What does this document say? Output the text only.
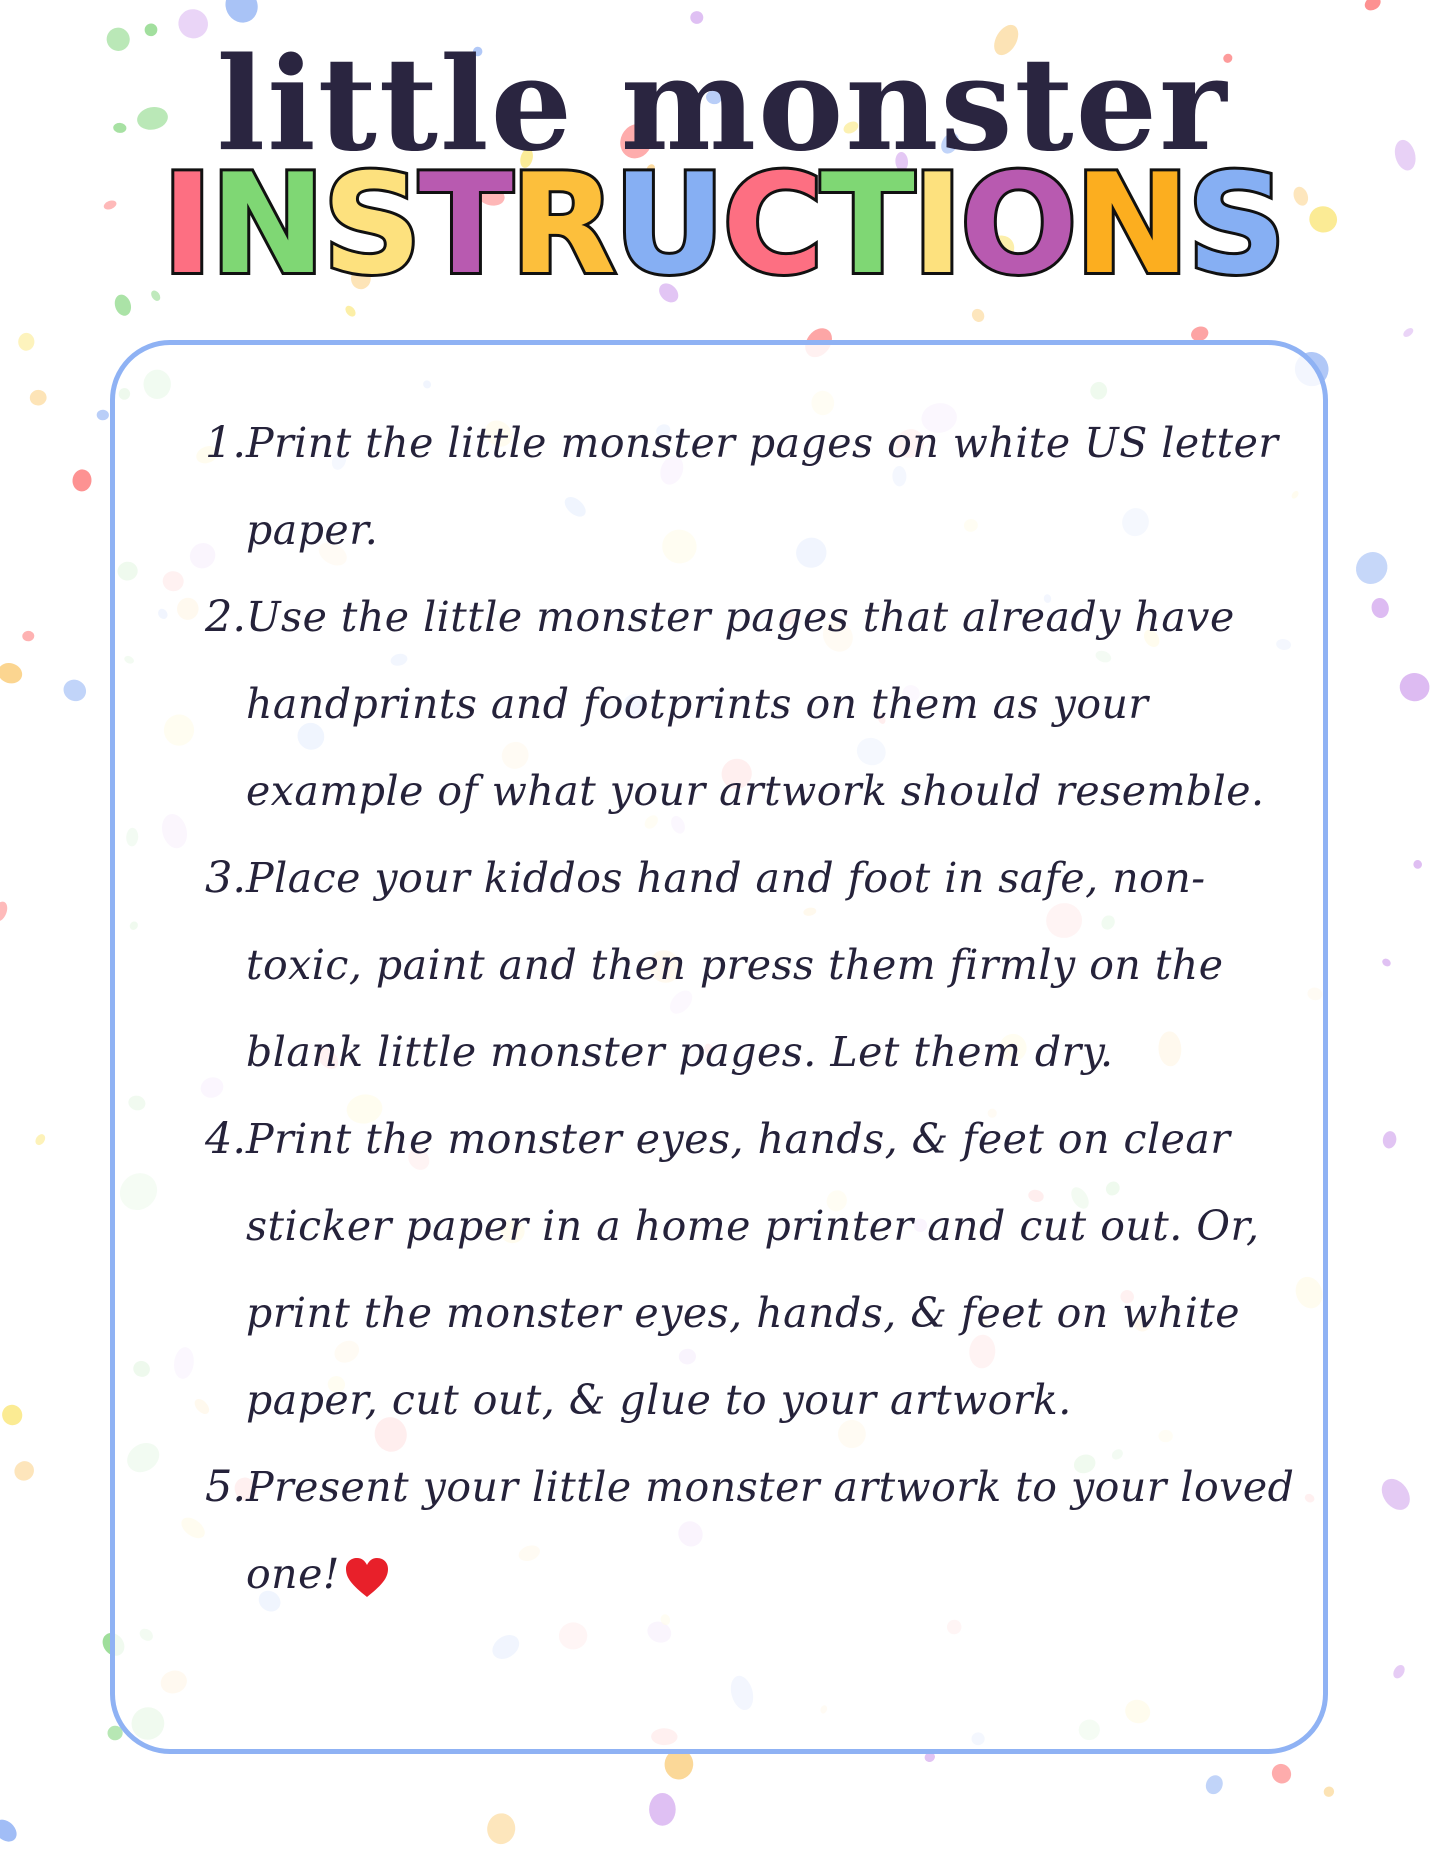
little monster
INSTRUCTIONS
1. Print the little monster pages on white US letter paper.
2. Use the little monster pages that already have handprints and footprints on them as your example of what your artwork should resemble.
3. Place your kiddos hand and foot in safe, non-toxic, paint and then press them firmly on the blank little monster pages. Let them dry.
4. Print the monster eyes, hands, & feet on clear sticker paper in a home printer and cut out. Or, print the monster eyes, hands, & feet on white paper, cut out, & glue to your artwork.
5. Present your little monster artwork to your loved one!
